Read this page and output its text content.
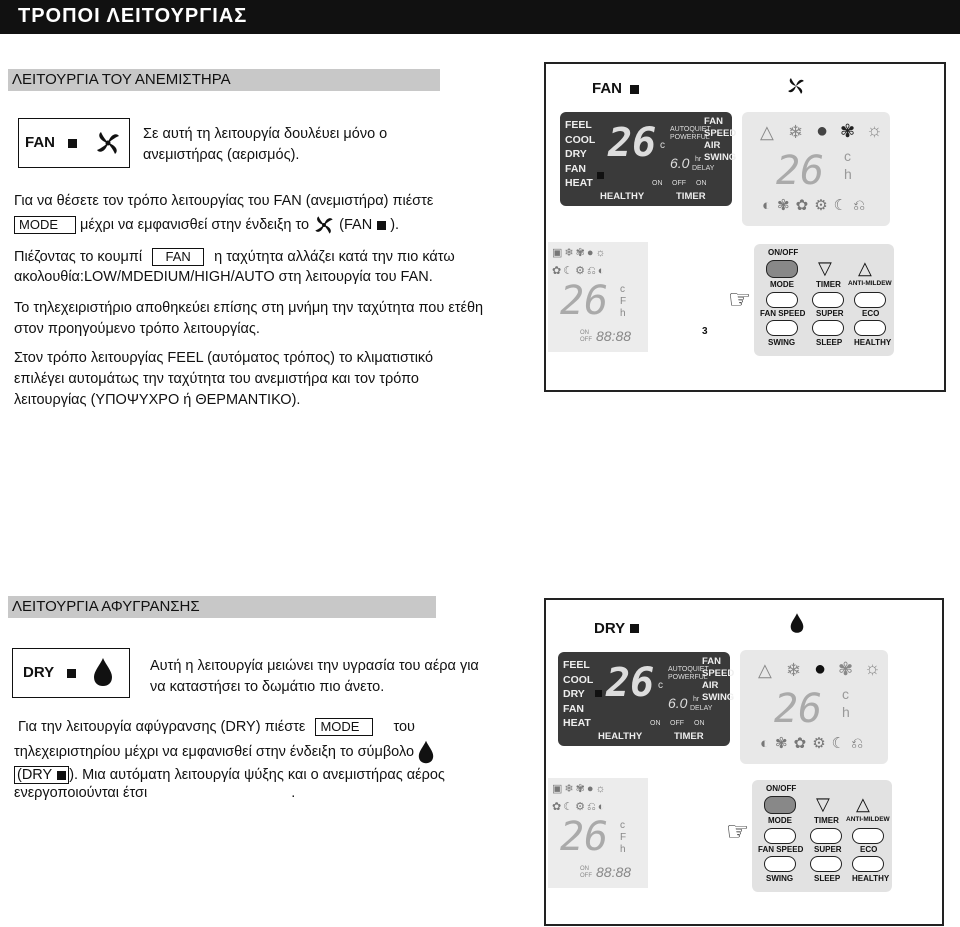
ΤΡΟΠΟΙ ΛΕΙΤΟΥΡΓΙΑΣ
ΛΕΙΤΟΥΡΓΙΑ ΤΟΥ ΑΝΕΜΙΣΤΗΡΑ
FAN	Σε αυτή τη λειτουργία δουλέυει μόνο ο
ανεμιστήρας (αερισμός).
Για να θέσετε τον τρόπο λειτουργίας του FAN (ανεμιστήρα) πιέστε
MODE μέχρι να εμφανισθεί στην ένδειξη το (FAN ).
Πιέζοντας το κουμπί FAN η ταχύτητα αλλάζει κατά την πιο κάτω
ακολουθία:LOW/MDEDIUM/HIGH/AUTO στη λειτουργία του FAN.
Το τηλεχειριστήριο αποθηκεύει επίσης στη μνήμη την ταχύτητα που ετέθη
στον προηγούμενο τρόπο λειτουργίας.
Στον τρόπο λειτουργίας FEEL (αυτόματος τρόπος) το κλιματιστικό
επιλέγει αυτομάτως την ταχύτητα του ανεμιστήρα και τον τρόπο
λειτουργίας (ΥΠΟΨΥΧΡΟ ή ΘΕΡΜΑΝΤΙΚΟ).
FAN
FEEL
COOL
DRY
FAN
HEAT
26 c
AUTOQUIET
POWERFUL
6.0 hr
DELAY
ON OFF ON
FAN
SPEED
AIR
SWING
HEALTHY	TIMER
△ ❄ ● ✾ ☼
26 c
h
◐✾✿⚙☾⎌
▣❄✾●☼
✿☾⚙⎌◐
26 c
F
h
ON
OFF 88:88
ON/OFF
▽ △
MODE	TIMER ANTI-MILDEW
FAN SPEED SUPER ECO
SWING	SLEEP HEALTHY
☞
3
ΛΕΙΤΟΥΡΓΙΑ ΑΦΥΓΡΑΝΣΗΣ
DRY	Αυτή η λειτουργία μειώνει την υγρασία του αέρα για
να καταστήσει το δωμάτιο πιο άνετο.
Για την λειτουργία αφύγρανσης (DRY) πιέστε MODE του
τηλεχειριστηρίου μέχρι να εμφανισθεί στην ένδειξη το σύμβολο
(DRY ). Μια αυτόματη λειτουργία ψύξης και ο ανεμιστήρας αέρος
ενεργοποιούνται έτσι	.
DRY
FEEL
COOL
DRY
FAN
HEAT
26 c
AUTOQUIET
POWERFUL
6.0 hr
DELAY
ON OFF ON
FAN
SPEED
AIR
SWING
HEALTHY	TIMER
△ ❄ ● ✾ ☼
26 c
h
◐✾✿⚙☾⎌
▣❄✾●☼
✿☾⚙⎌◐
26 c
F
h
ON
OFF 88:88
ON/OFF
▽ △
MODE	TIMER ANTI-MILDEW
FAN SPEED SUPER ECO
SWING	SLEEP HEALTHY
☞
